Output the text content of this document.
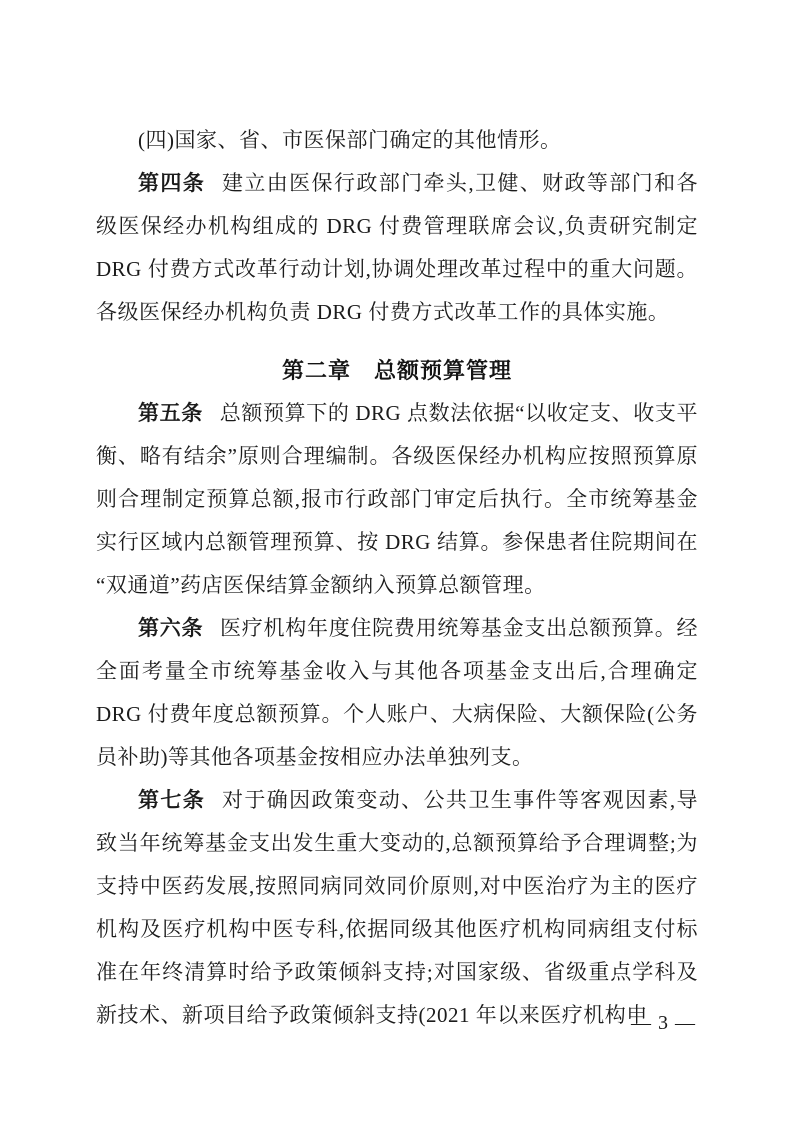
(四)国家、省、市医保部门确定的其他情形。

第四条 建立由医保行政部门牵头,卫健、财政等部门和各级医保经办机构组成的 DRG 付费管理联席会议,负责研究制定 DRG 付费方式改革行动计划,协调处理改革过程中的重大问题。各级医保经办机构负责 DRG 付费方式改革工作的具体实施。

第二章　总额预算管理

第五条 总额预算下的 DRG 点数法依据“以收定支、收支平衡、略有结余”原则合理编制。各级医保经办机构应按照预算原则合理制定预算总额,报市行政部门审定后执行。全市统筹基金实行区域内总额管理预算、按 DRG 结算。参保患者住院期间在“双通道”药店医保结算金额纳入预算总额管理。

第六条 医疗机构年度住院费用统筹基金支出总额预算。经全面考量全市统筹基金收入与其他各项基金支出后,合理确定 DRG 付费年度总额预算。个人账户、大病保险、大额保险(公务员补助)等其他各项基金按相应办法单独列支。

第七条 对于确因政策变动、公共卫生事件等客观因素,导致当年统筹基金支出发生重大变动的,总额预算给予合理调整;为支持中医药发展,按照同病同效同价原则,对中医治疗为主的医疗机构及医疗机构中医专科,依据同级其他医疗机构同病组支付标准在年终清算时给予政策倾斜支持;对国家级、省级重点学科及新技术、新项目给予政策倾斜支持(2021 年以来医疗机构申

— 3 —
